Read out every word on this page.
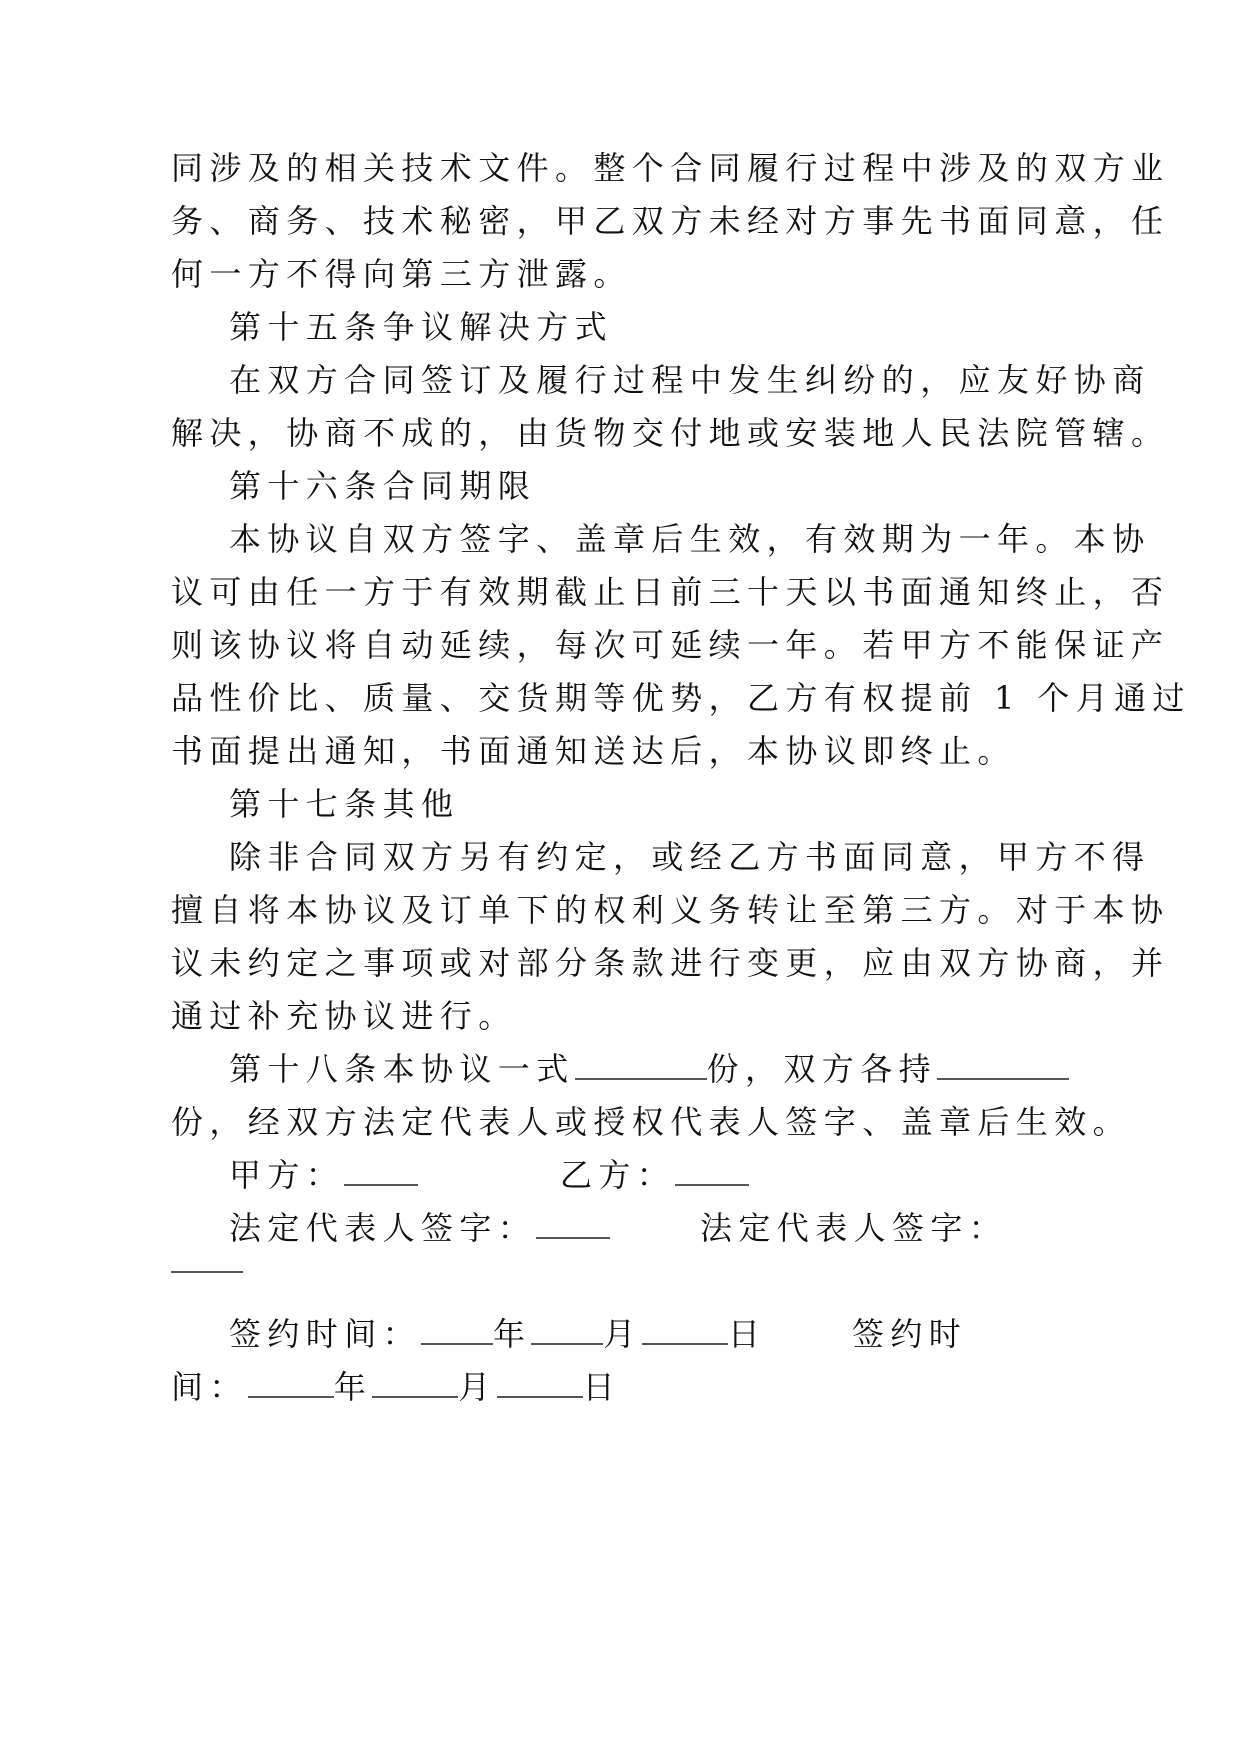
同涉及的相关技术文件。整个合同履行过程中涉及的双方业
务、商务、技术秘密，甲乙双方未经对方事先书面同意，任
何一方不得向第三方泄露。
第十五条争议解决方式
在双方合同签订及履行过程中发生纠纷的，应友好协商
解决，协商不成的，由货物交付地或安装地人民法院管辖。
第十六条合同期限
本协议自双方签字、盖章后生效，有效期为一年。本协
议可由任一方于有效期截止日前三十天以书面通知终止，否
则该协议将自动延续，每次可延续一年。若甲方不能保证产
品性价比、质量、交货期等优势，乙方有权提前 1 个月通过
书面提出通知，书面通知送达后，本协议即终止。
第十七条其他
除非合同双方另有约定，或经乙方书面同意，甲方不得
擅自将本协议及订单下的权利义务转让至第三方。对于本协
议未约定之事项或对部分条款进行变更，应由双方协商，并
通过补充协议进行。
第十八条本协议一式	份，双方各持
份，经双方法定代表人或授权代表人签字、盖章后生效。
甲方：	乙方：
法定代表人签字：	法定代表人签字：
签约时间： 年 月	日	签约时
间：	年	月	日
